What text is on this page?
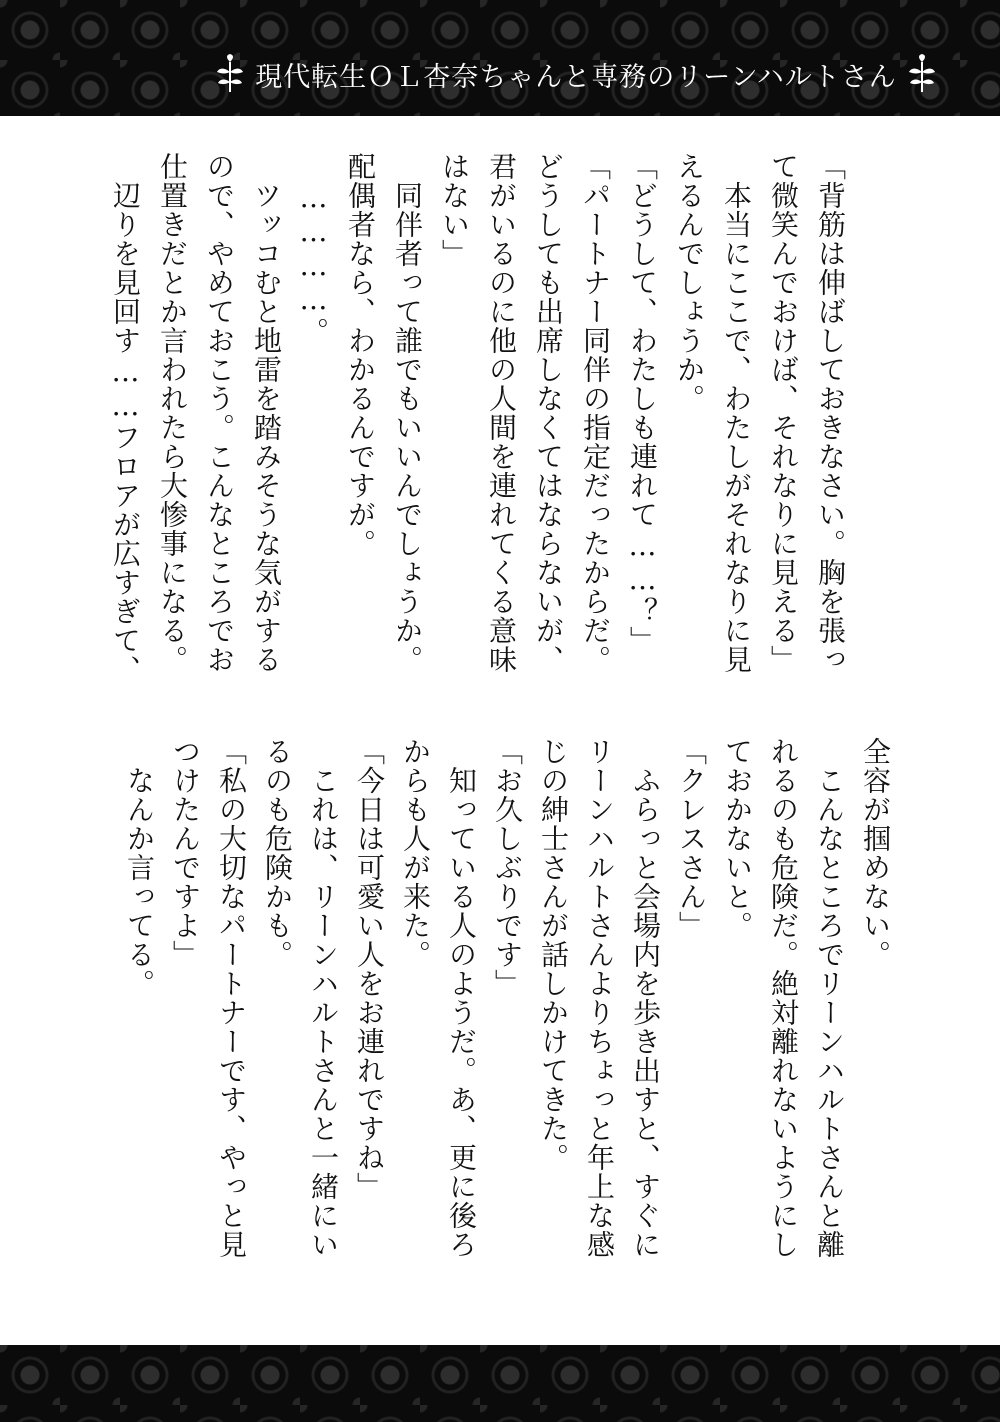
現代転生ＯＬ杏奈ちゃんと専務のリーンハルトさん
「背筋は伸ばしておきなさい。胸を張っ
て微笑んでおけば、それなりに見える」
　本当にここで、わたしがそれなりに見
えるんでしょうか。
「どうして、わたしも連れて……？」
「パートナー同伴の指定だったからだ。
どうしても出席しなくてはならないが、
君がいるのに他の人間を連れてくる意味
はない」
　同伴者って誰でもいいんでしょうか。
配偶者なら、わかるんですが。
　…………。
　ツッコむと地雷を踏みそうな気がする
ので、やめておこう。こんなところでお
仕置きだとか言われたら大惨事になる。
　辺りを見回す……フロアが広すぎて、
全容が掴めない。
　こんなところでリーンハルトさんと離
れるのも危険だ。絶対離れないようにし
ておかないと。
「クレスさん」
　ふらっと会場内を歩き出すと、すぐに
リーンハルトさんよりちょっと年上な感
じの紳士さんが話しかけてきた。
「お久しぶりです」
　知っている人のようだ。あ、更に後ろ
からも人が来た。
「今日は可愛い人をお連れですね」
　これは、リーンハルトさんと一緒にい
るのも危険かも。
「私の大切なパートナーです、やっと見
つけたんですよ」
　なんか言ってる。
